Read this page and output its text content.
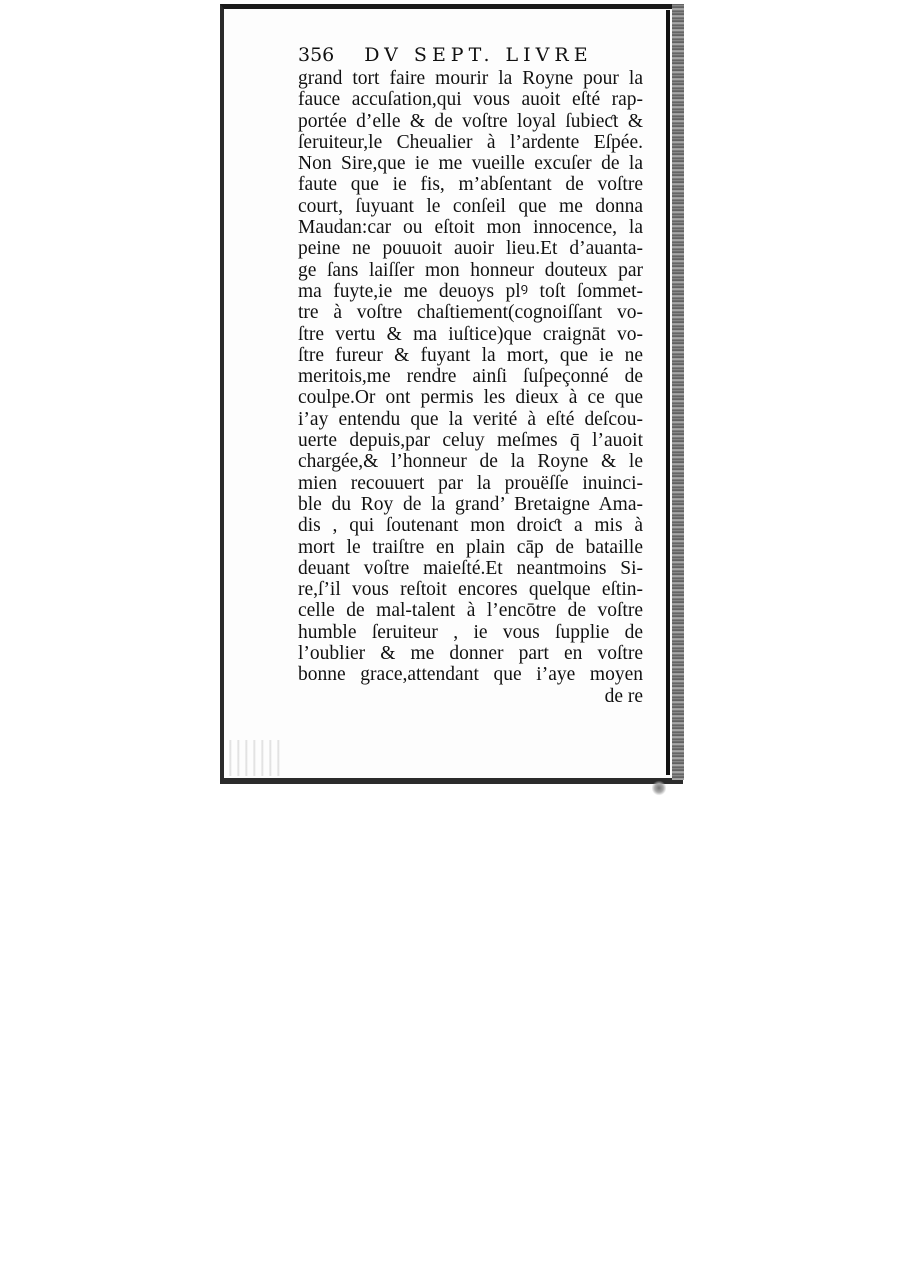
356 DV SEPT. LIVRE
grand tort faire mourir la Royne pour la
fauce accuſation,qui vous auoit eſté rap-
portée d’elle & de voſtre loyal ſubieƈt &
ſeruiteur,le Cheualier à l’ardente Eſpée.
Non Sire,que ie me vueille excuſer de la
faute que ie fis, m’abſentant de voſtre
court, ſuyuant le conſeil que me donna
Maudan:car ou eſtoit mon innocence, la
peine ne pouuoit auoir lieu.Et d’auanta-
ge ſans laiſſer mon honneur douteux par
ma fuyte,ie me deuoys plꝰ toſt ſommet-
tre à voſtre chaſtiement(cognoiſſant vo-
ſtre vertu & ma iuſtice)que craignāt vo-
ſtre fureur & fuyant la mort, que ie ne
meritois,me rendre ainſi ſuſpeçonné de
coulpe.Or ont permis les dieux à ce que
i’ay entendu que la verité à eſté deſcou-
uerte depuis,par celuy meſmes q̄ l’auoit
chargée,& l’honneur de la Royne & le
mien recouuert par la prouëſſe inuinci-
ble du Roy de la grand’ Bretaigne Ama-
dis , qui ſoutenant mon droiƈt a mis à
mort le traiſtre en plain cāp de bataille
deuant voſtre maieſté.Et neantmoins Si-
re,ſ’il vous reſtoit encores quelque eſtin-
celle de mal-talent à l’encōtre de voſtre
humble ſeruiteur , ie vous ſupplie de
l’oublier & me donner part en voſtre
bonne grace,attendant que i’aye moyen
de re
